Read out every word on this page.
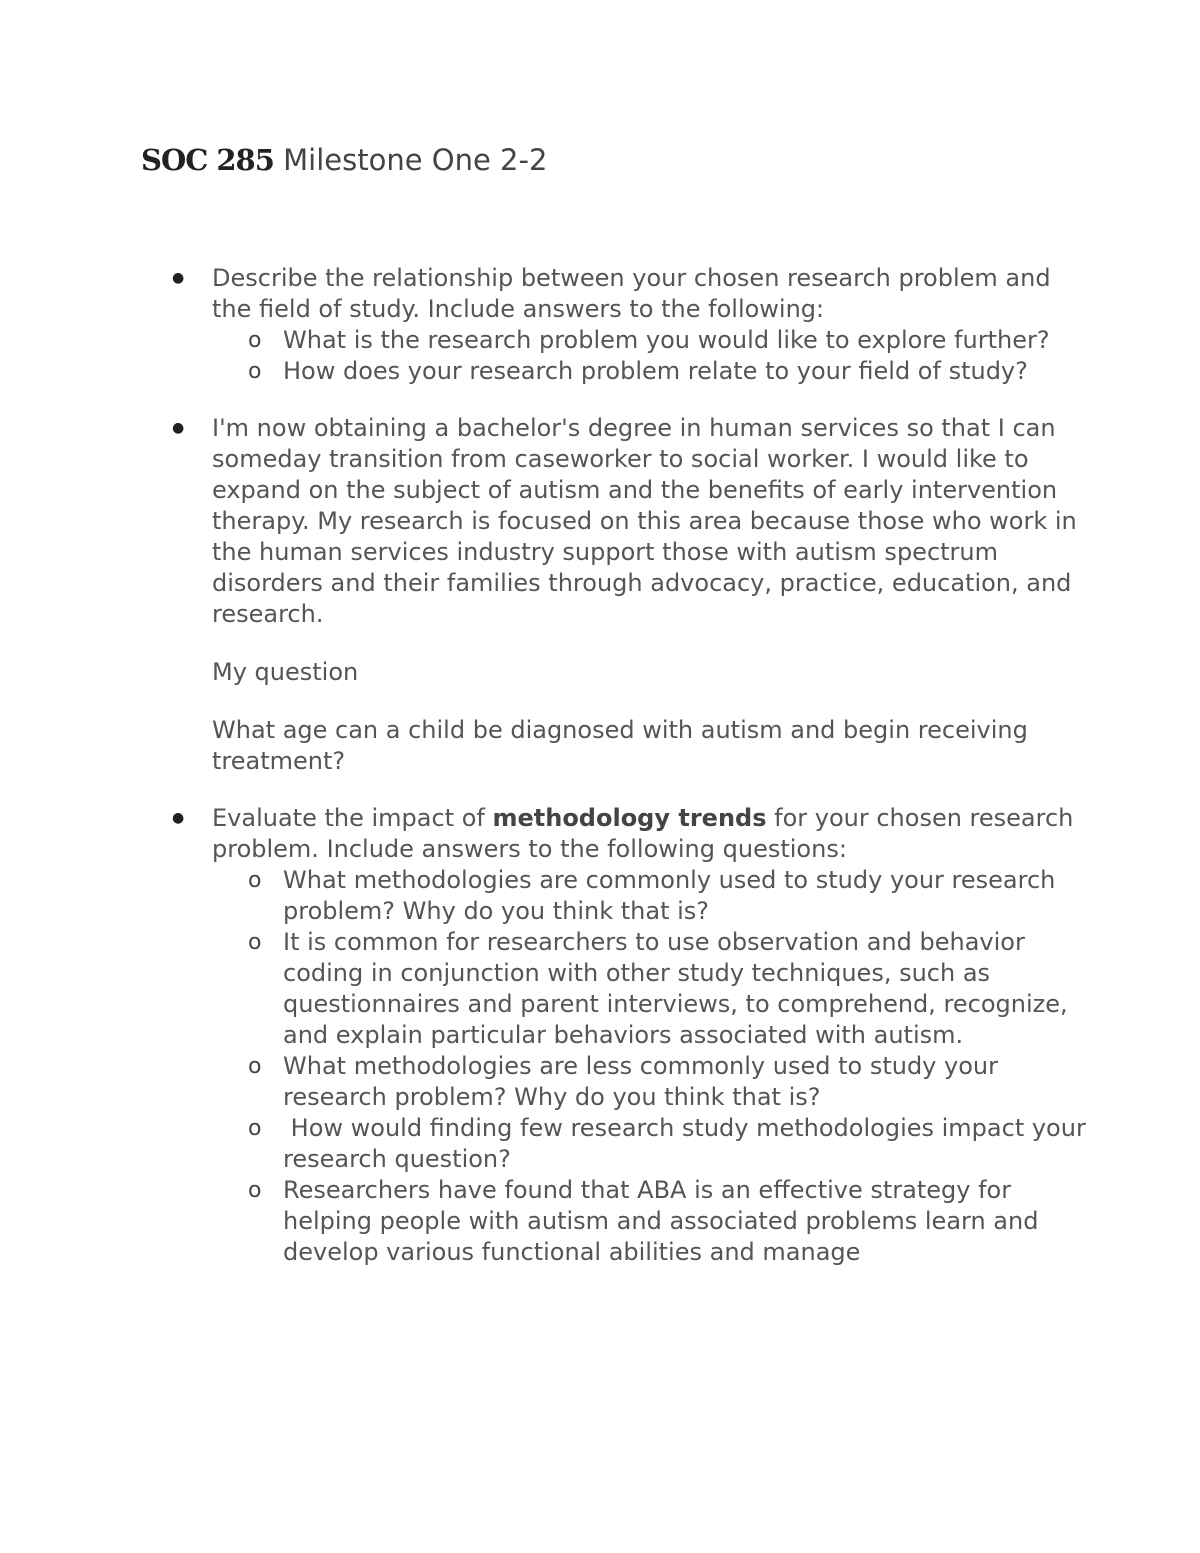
SOC 285 Milestone One 2-2

● Describe the relationship between your chosen research problem and the field of study. Include answers to the following:

o What is the research problem you would like to explore further?
o How does your research problem relate to your field of study?

● I'm now obtaining a bachelor's degree in human services so that I can someday transition from caseworker to social worker. I would like to expand on the subject of autism and the benefits of early intervention therapy. My research is focused on this area because those who work in the human services industry support those with autism spectrum disorders and their families through advocacy, practice, education, and research.

My question

What age can a child be diagnosed with autism and begin receiving treatment?

● Evaluate the impact of methodology trends for your chosen research problem. Include answers to the following questions:

o What methodologies are commonly used to study your research problem? Why do you think that is?
o It is common for researchers to use observation and behavior coding in conjunction with other study techniques, such as questionnaires and parent interviews, to comprehend, recognize, and explain particular behaviors associated with autism.
o What methodologies are less commonly used to study your research problem? Why do you think that is?
o How would finding few research study methodologies impact your research question?
o Researchers have found that ABA is an effective strategy for helping people with autism and associated problems learn and develop various functional abilities and manage
